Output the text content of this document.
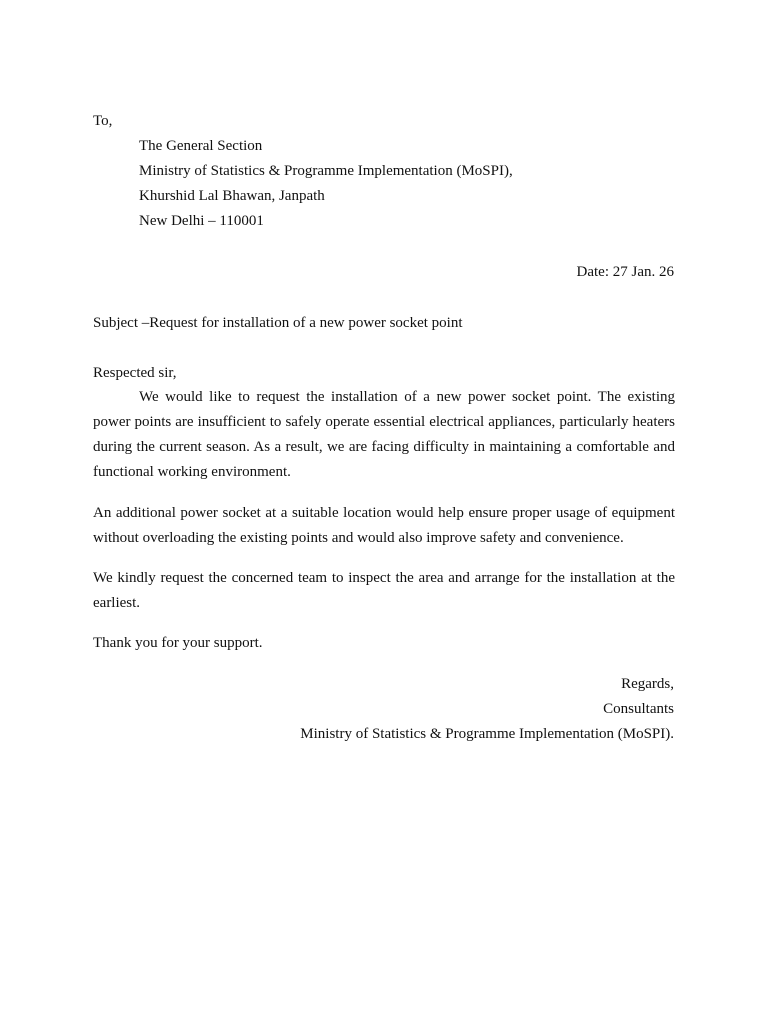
To,
The General Section
Ministry of Statistics & Programme Implementation (MoSPI),
Khurshid Lal Bhawan, Janpath
New Delhi – 110001
Date: 27 Jan. 26
Subject –Request for installation of a new power socket point
Respected sir,

We would like to request the installation of a new power socket point. The existing power points are insufficient to safely operate essential electrical appliances, particularly heaters during the current season. As a result, we are facing difficulty in maintaining a comfortable and functional working environment.

An additional power socket at a suitable location would help ensure proper usage of equipment without overloading the existing points and would also improve safety and convenience.

We kindly request the concerned team to inspect the area and arrange for the installation at the earliest.

Thank you for your support.

Regards,
Consultants
Ministry of Statistics & Programme Implementation (MoSPI).
